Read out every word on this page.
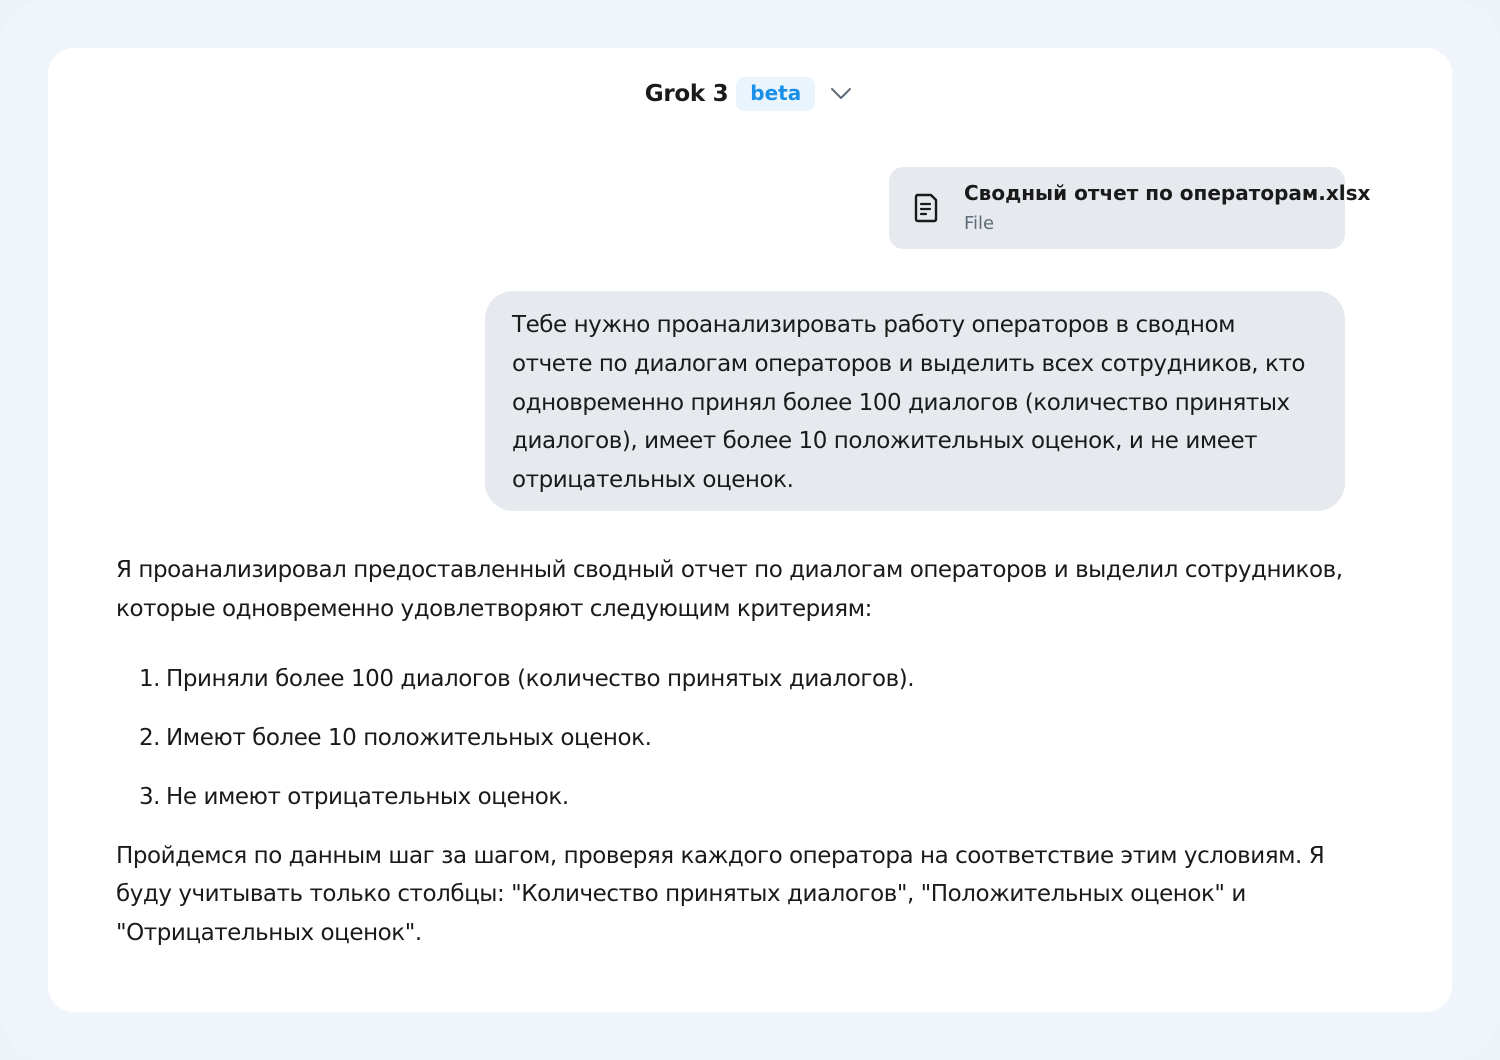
Grok 3	beta
Сводный отчет по операторам.xlsx
File
Тебе нужно проанализировать работу операторов в сводном отчете по диалогам операторов и выделить всех сотрудников, кто одновременно принял более 100 диалогов (количество принятых диалогов), имеет более 10 положительных оценок, и не имеет отрицательных оценок.

Я проанализировал предоставленный сводный отчет по диалогам операторов и выделил сотрудников, которые одновременно удовлетворяют следующим критериям:

1. Приняли более 100 диалогов (количество принятых диалогов).
2. Имеют более 10 положительных оценок.
3. Не имеют отрицательных оценок.

Пройдемся по данным шаг за шагом, проверяя каждого оператора на соответствие этим условиям. Я буду учитывать только столбцы: "Количество принятых диалогов", "Положительных оценок" и "Отрицательных оценок".
